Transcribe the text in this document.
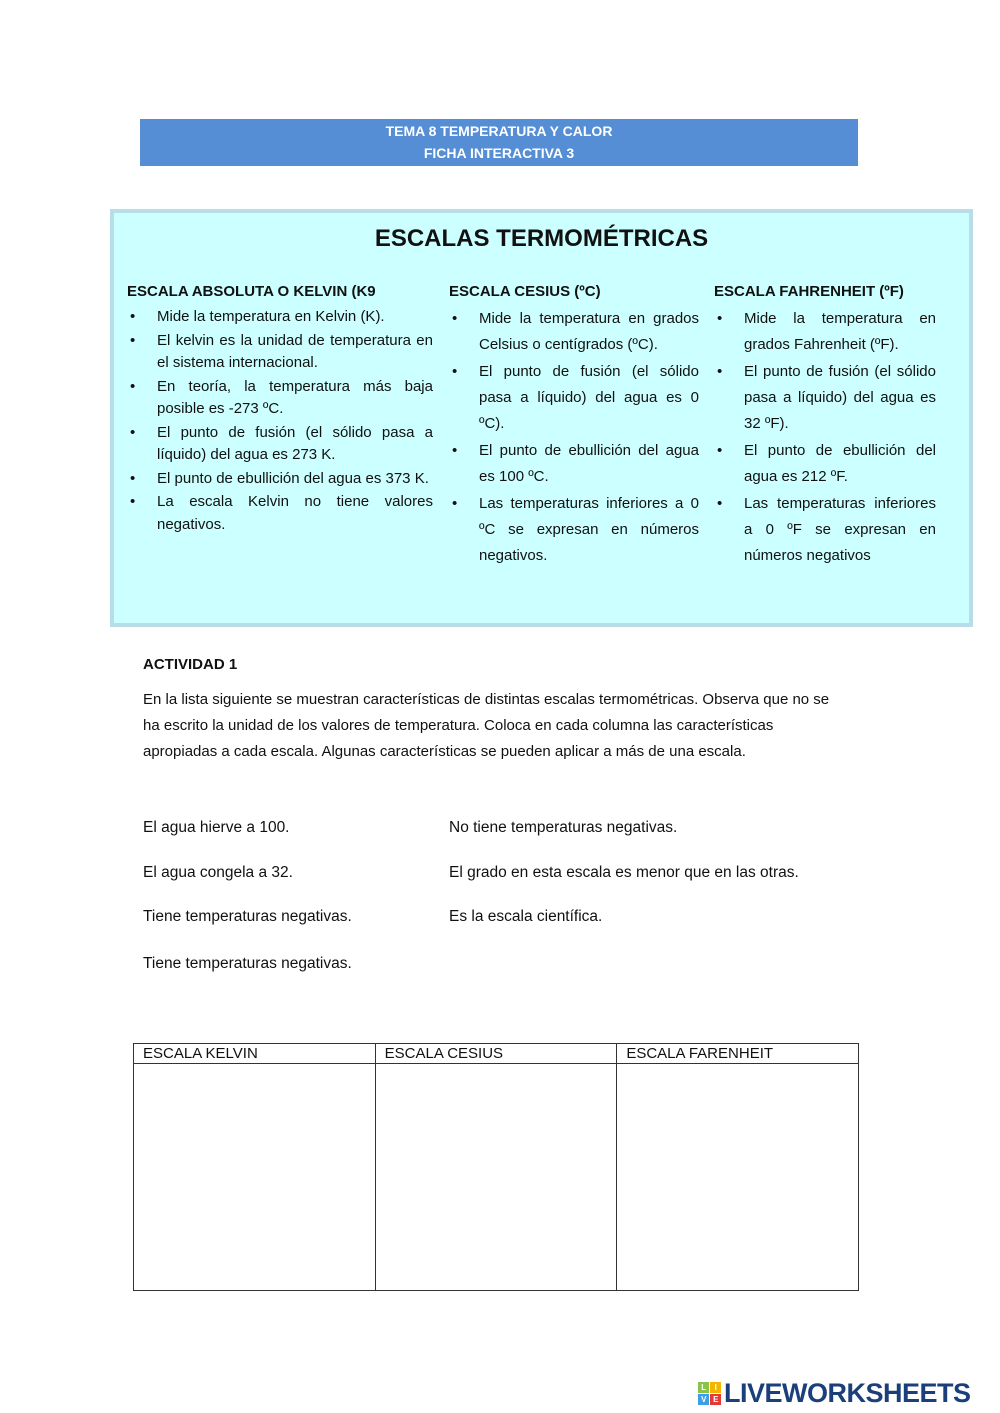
TEMA 8 TEMPERATURA Y CALOR
FICHA INTERACTIVA 3
ESCALAS TERMOMÉTRICAS
ESCALA ABSOLUTA O KELVIN (K9
• Mide la temperatura en Kelvin (K).
• El kelvin es la unidad de temperatura en el sistema internacional.
• En teoría, la temperatura más baja posible es -273 ºC.
• El punto de fusión (el sólido pasa a líquido) del agua es 273 K.
• El punto de ebullición del agua es 373 K.
• La escala Kelvin no tiene valores negativos.
ESCALA CESIUS (ºC)
• Mide la temperatura en grados Celsius o centígrados (ºC).
• El punto de fusión (el sólido pasa a líquido) del agua es 0 ºC).
• El punto de ebullición del agua es 100 ºC.
• Las temperaturas inferiores a 0 ºC se expresan en números negativos.
ESCALA FAHRENHEIT (ºF)
• Mide la temperatura en grados Fahrenheit (ºF).
• El punto de fusión (el sólido pasa a líquido) del agua es 32 ºF).
• El punto de ebullición del agua es 212 ºF.
• Las temperaturas inferiores a 0 ºF se expresan en números negativos
ACTIVIDAD 1

En la lista siguiente se muestran características de distintas escalas termométricas. Observa que no se ha escrito la unidad de los valores de temperatura. Coloca en cada columna las características apropiadas a cada escala. Algunas características se pueden aplicar a más de una escala.

El agua hierve a 100.	No tiene temperaturas negativas.
El agua congela a 32.	El grado en esta escala es menor que en las otras.
Tiene temperaturas negativas.	Es la escala científica.
Tiene temperaturas negativas.
ESCALA KELVIN	ESCALA CESIUS	ESCALA FARENHEIT

L	I
V E LIVEWORKSHEETS
